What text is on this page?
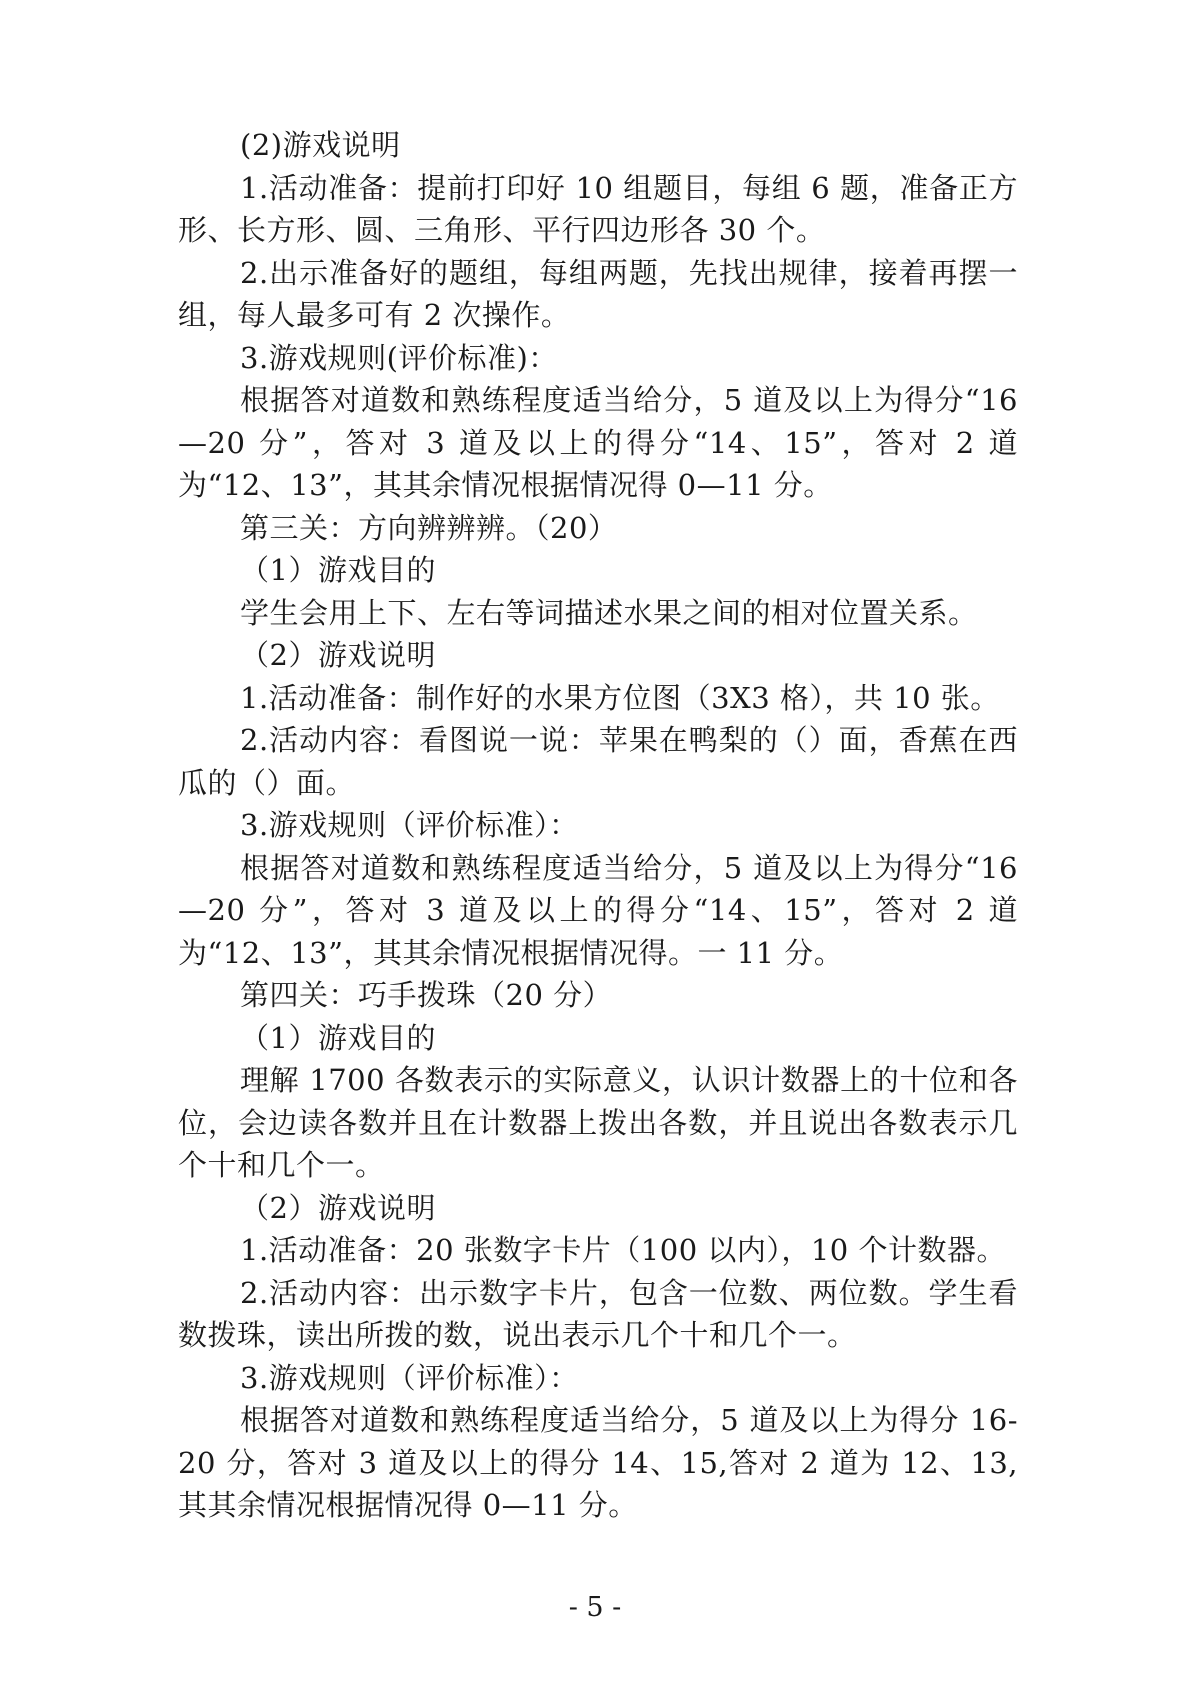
(2)游戏说明

1.活动准备：提前打印好 10 组题目，每组 6 题，准备正方形、长方形、圆、三角形、平行四边形各 30 个。

2.出示准备好的题组，每组两题，先找出规律，接着再摆一组，每人最多可有 2 次操作。

3.游戏规则(评价标准)：

根据答对道数和熟练程度适当给分，5 道及以上为得分“16—20 分”，答对 3 道及以上的得分“14、15”，答对 2 道为“12、13”，其其余情况根据情况得 0—11 分。

第三关：方向辨辨辨。（20）

（1）游戏目的

学生会用上下、左右等词描述水果之间的相对位置关系。

（2）游戏说明

1.活动准备：制作好的水果方位图（3X3 格），共 10 张。

2.活动内容：看图说一说：苹果在鸭梨的（）面，香蕉在西瓜的（）面。

3.游戏规则（评价标准）：

根据答对道数和熟练程度适当给分，5 道及以上为得分“16—20 分”，答对 3 道及以上的得分“14、15”，答对 2 道为“12、13”，其其余情况根据情况得。一 11 分。

第四关：巧手拨珠（20 分）

（1）游戏目的

理解 1700 各数表示的实际意义，认识计数器上的十位和各位，会边读各数并且在计数器上拨出各数，并且说出各数表示几个十和几个一。

（2）游戏说明

1.活动准备：20 张数字卡片（100 以内），10 个计数器。

2.活动内容：出示数字卡片，包含一位数、两位数。学生看数拨珠，读出所拨的数，说出表示几个十和几个一。

3.游戏规则（评价标准）：

根据答对道数和熟练程度适当给分，5 道及以上为得分 16-20 分，答对 3 道及以上的得分 14、15,答对 2 道为 12、13,其其余情况根据情况得 0—11 分。

- 5 -
